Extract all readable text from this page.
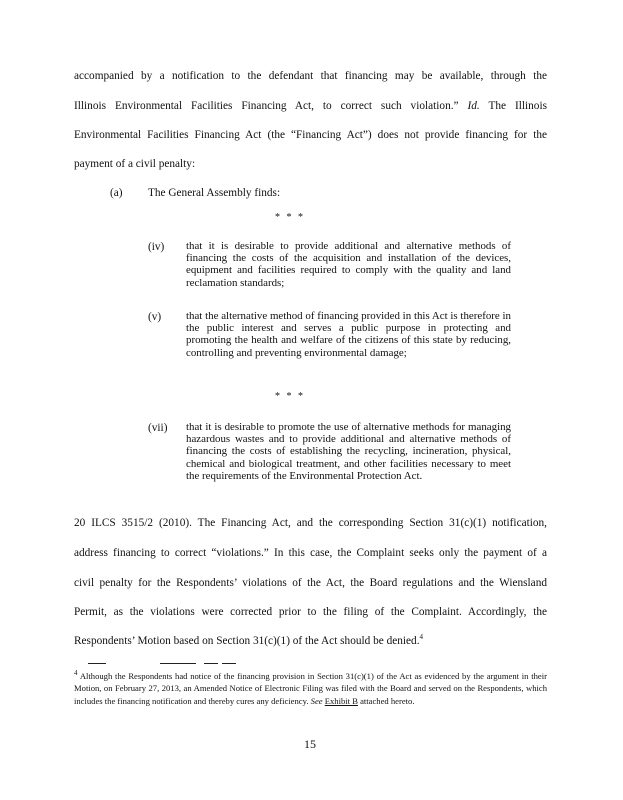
accompanied by a notification to the defendant that financing may be available, through the
Illinois Environmental Facilities Financing Act, to correct such violation.” Id. The Illinois
Environmental Facilities Financing Act (the “Financing Act”) does not provide financing for the
payment of a civil penalty:
(a) The General Assembly finds:
* * *
(iv) that it is desirable to provide additional and alternative methods of financing the costs of the acquisition and installation of the devices, equipment and facilities required to comply with the quality and land reclamation standards;
(v) that the alternative method of financing provided in this Act is therefore in the public interest and serves a public purpose in protecting and promoting the health and welfare of the citizens of this state by reducing, controlling and preventing environmental damage;
* * *
(vii) that it is desirable to promote the use of alternative methods for managing hazardous wastes and to provide additional and alternative methods of financing the costs of establishing the recycling, incineration, physical, chemical and biological treatment, and other facilities necessary to meet the requirements of the Environmental Protection Act.
20 ILCS 3515/2 (2010). The Financing Act, and the corresponding Section 31(c)(1) notification,
address financing to correct “violations.” In this case, the Complaint seeks only the payment of a
civil penalty for the Respondents’ violations of the Act, the Board regulations and the Wiensland
Permit, as the violations were corrected prior to the filing of the Complaint. Accordingly, the
Respondents’ Motion based on Section 31(c)(1) of the Act should be denied.$^4$
$^4$ Although the Respondents had notice of the financing provision in Section 31(c)(1) of the Act as evidenced by the argument in their Motion, on February 27, 2013, an Amended Notice of Electronic Filing was filed with the Board and served on the Respondents, which includes the financing notification and thereby cures any deficiency. See Exhibit B attached hereto.
15
